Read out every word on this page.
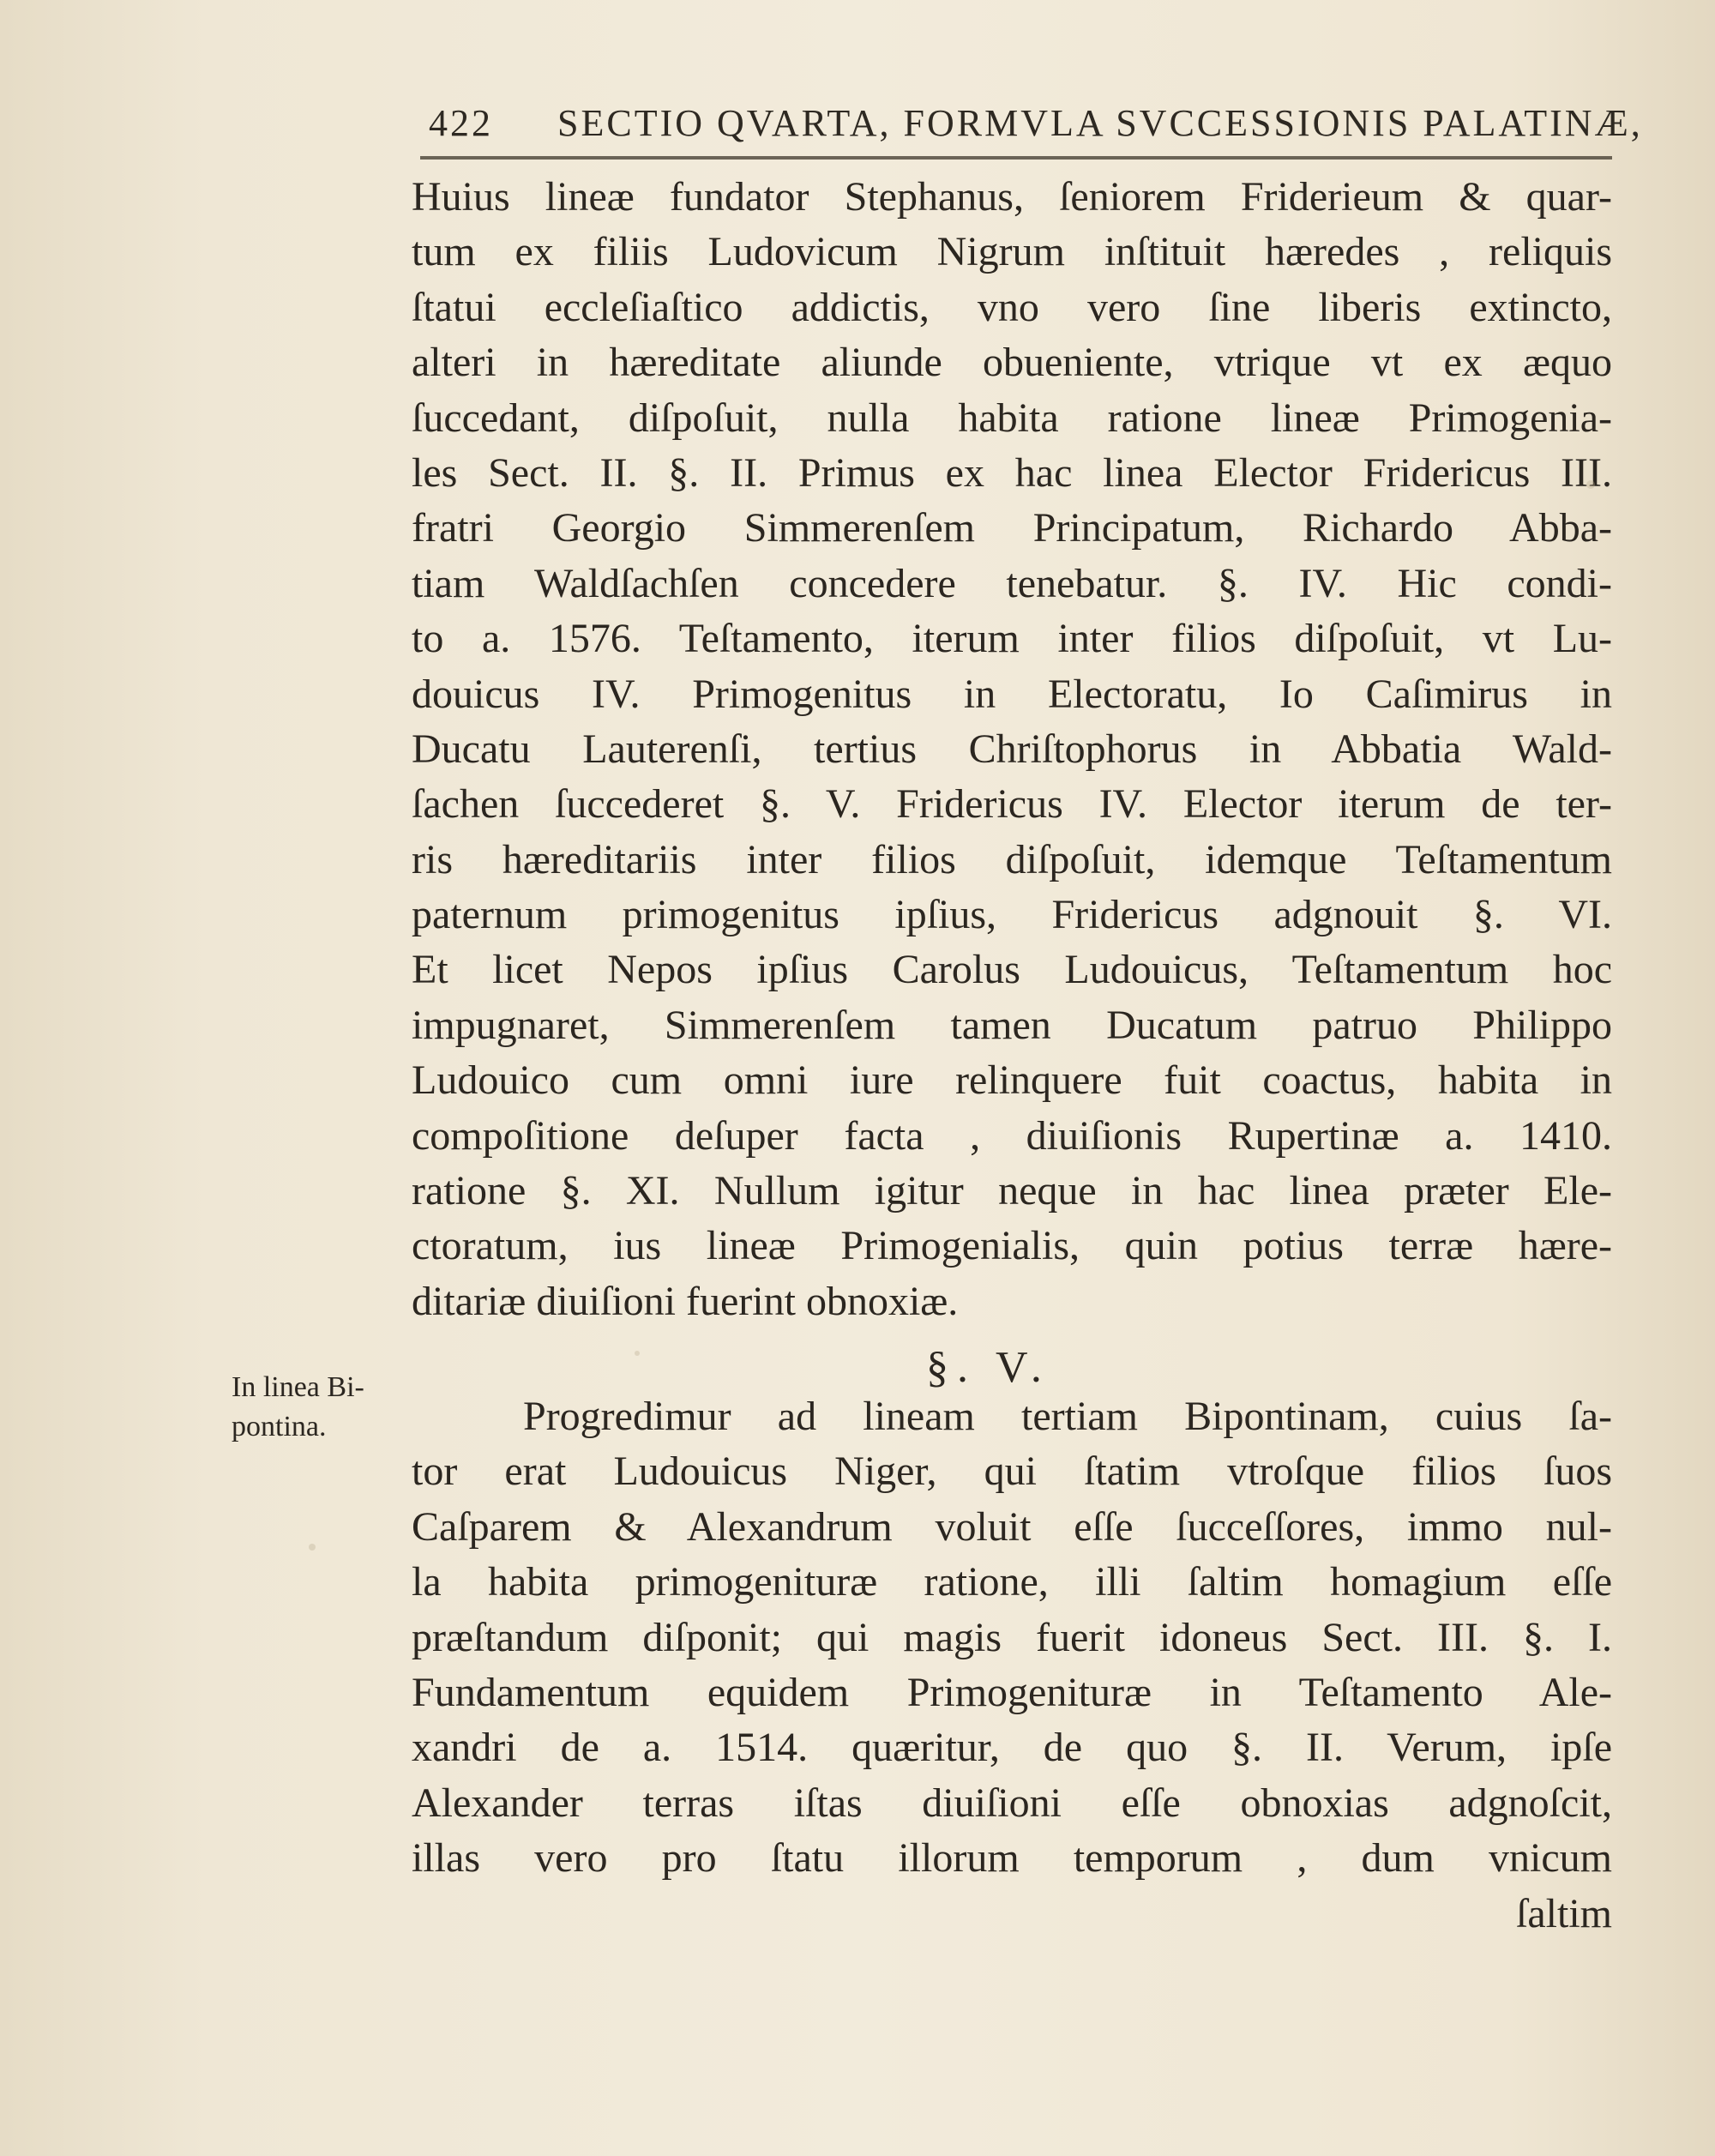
422 SECTIO QVARTA, FORMVLA SVCCESSIONIS PALATINÆ,
Huius lineæ fundator Stephanus, ſeniorem Friderieum & quar-
tum ex filiis Ludovicum Nigrum inſtituit hæredes , reliquis
ſtatui eccleſiaſtico addictis, vno vero ſine liberis extincto,
alteri in hæreditate aliunde obueniente, vtrique vt ex æquo
ſuccedant, diſpoſuit, nulla habita ratione lineæ Primogenia-
les Sect. II. §. II. Primus ex hac linea Elector Fridericus III.
fratri Georgio Simmerenſem Principatum, Richardo Abba-
tiam Waldſachſen concedere tenebatur. §. IV. Hic condi-
to a. 1576. Teſtamento, iterum inter filios diſpoſuit, vt Lu-
douicus IV. Primogenitus in Electoratu, Io Caſimirus in
Ducatu Lauterenſi, tertius Chriſtophorus in Abbatia Wald-
ſachen ſuccederet §. V. Fridericus IV. Elector iterum de ter-
ris hæreditariis inter filios diſpoſuit, idemque Teſtamentum
paternum primogenitus ipſius, Fridericus adgnouit §. VI.
Et licet Nepos ipſius Carolus Ludouicus, Teſtamentum hoc
impugnaret, Simmerenſem tamen Ducatum patruo Philippo
Ludouico cum omni iure relinquere fuit coactus, habita in
compoſitione deſuper facta , diuiſionis Rupertinæ a. 1410.
ratione §. XI. Nullum igitur neque in hac linea præter Ele-
ctoratum, ius lineæ Primogenialis, quin potius terræ hære-
ditariæ diuiſioni fuerint obnoxiæ.
§. V.
In linea Bi-
pontina.	Progredimur ad lineam tertiam Bipontinam, cuius ſa-
tor erat Ludouicus Niger, qui ſtatim vtroſque filios ſuos
Caſparem & Alexandrum voluit eſſe ſucceſſores, immo nul-
la habita primogenituræ ratione, illi ſaltim homagium eſſe
præſtandum diſponit; qui magis fuerit idoneus Sect. III. §. I.
Fundamentum equidem Primogenituræ in Teſtamento Ale-
xandri de a. 1514. quæritur, de quo §. II. Verum, ipſe
Alexander terras iſtas diuiſioni eſſe obnoxias adgnoſcit,
illas vero pro ſtatu illorum temporum , dum vnicum
ſaltim
